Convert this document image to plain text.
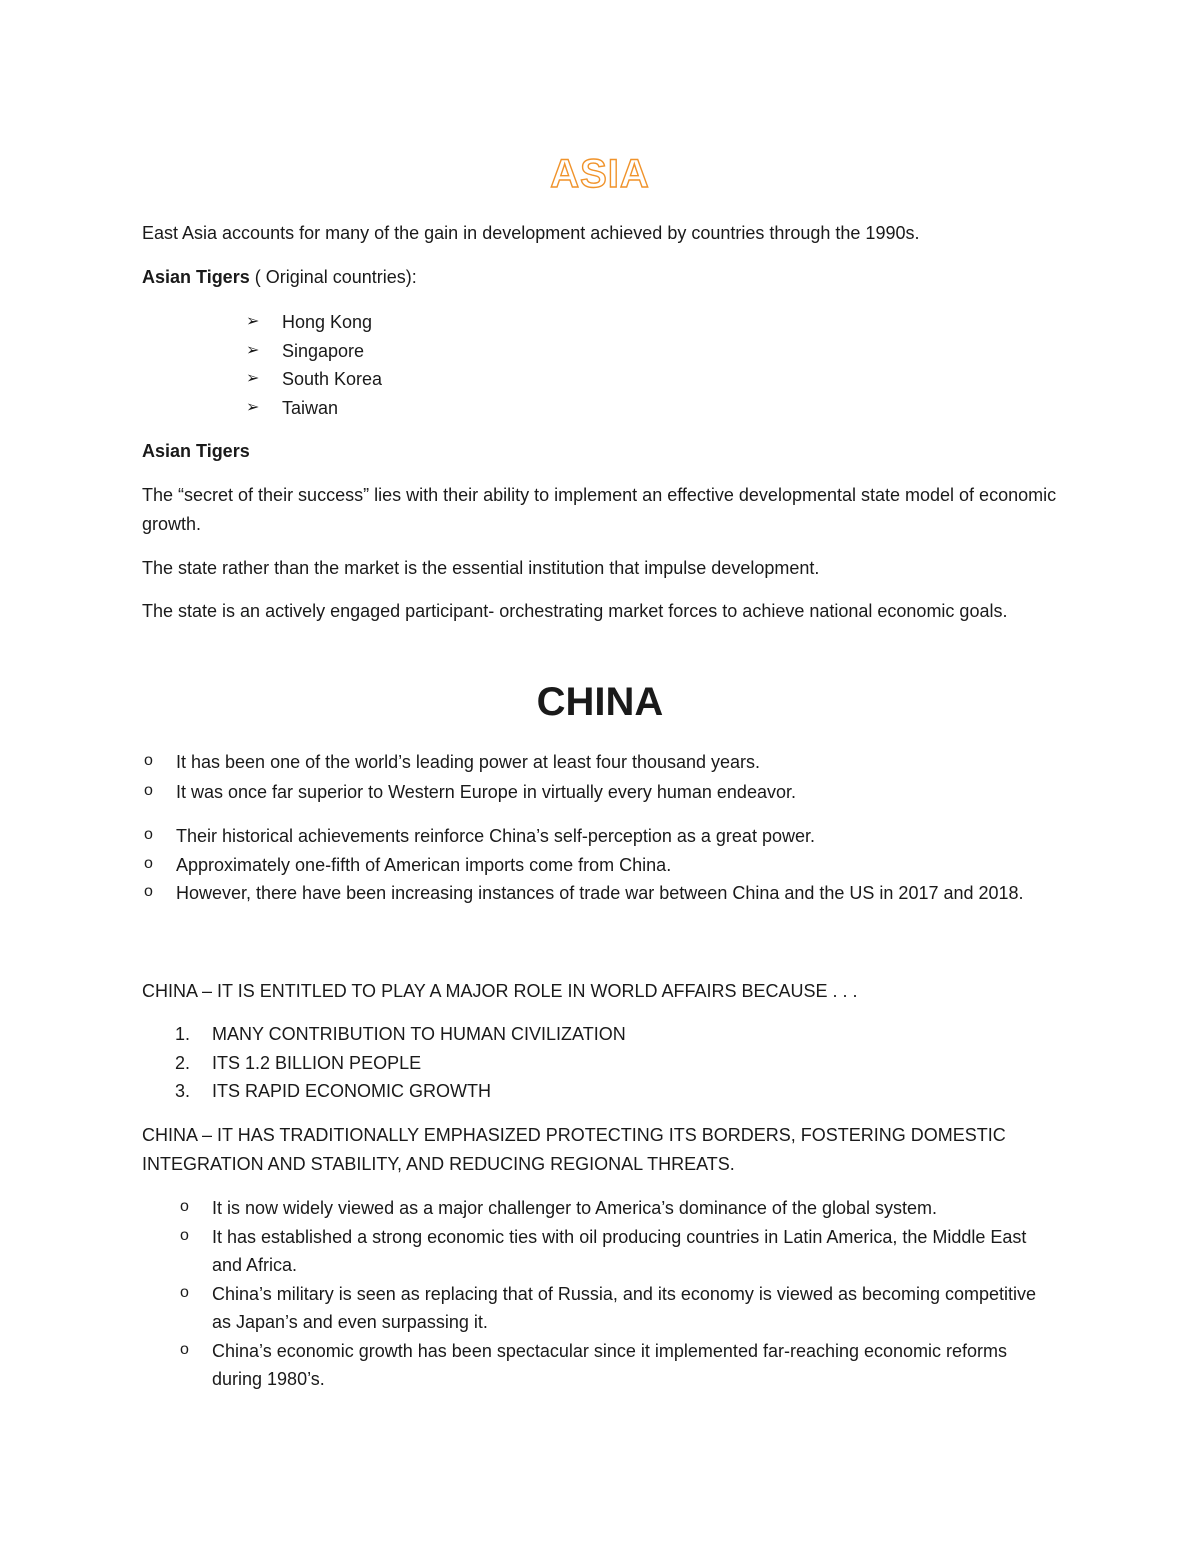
ASIA

East Asia accounts for many of the gain in development achieved by countries through the 1990s.

Asian Tigers ( Original countries):

➢ Hong Kong
➢ Singapore
➢ South Korea
➢ Taiwan

Asian Tigers

The “secret of their success” lies with their ability to implement an effective developmental state model of economic growth.

The state rather than the market is the essential institution that impulse development.

The state is an actively engaged participant- orchestrating market forces to achieve national economic goals.

CHINA
o It has been one of the world’s leading power at least four thousand years.
o It was once far superior to Western Europe in virtually every human endeavor.
o Their historical achievements reinforce China’s self-perception as a great power.
o Approximately one-fifth of American imports come from China.
o However, there have been increasing instances of trade war between China and the US in 2017 and 2018.

CHINA – IT IS ENTITLED TO PLAY A MAJOR ROLE IN WORLD AFFAIRS BECAUSE . . .

1. MANY CONTRIBUTION TO HUMAN CIVILIZATION
2. ITS 1.2 BILLION PEOPLE
3. ITS RAPID ECONOMIC GROWTH

CHINA – IT HAS TRADITIONALLY EMPHASIZED PROTECTING ITS BORDERS, FOSTERING DOMESTIC INTEGRATION AND STABILITY, AND REDUCING REGIONAL THREATS.

o It is now widely viewed as a major challenger to America’s dominance of the global system.
o It has established a strong economic ties with oil producing countries in Latin America, the Middle East and Africa.
o China’s military is seen as replacing that of Russia, and its economy is viewed as becoming competitive as Japan’s and even surpassing it.
o China’s economic growth has been spectacular since it implemented far-reaching economic reforms during 1980’s.
